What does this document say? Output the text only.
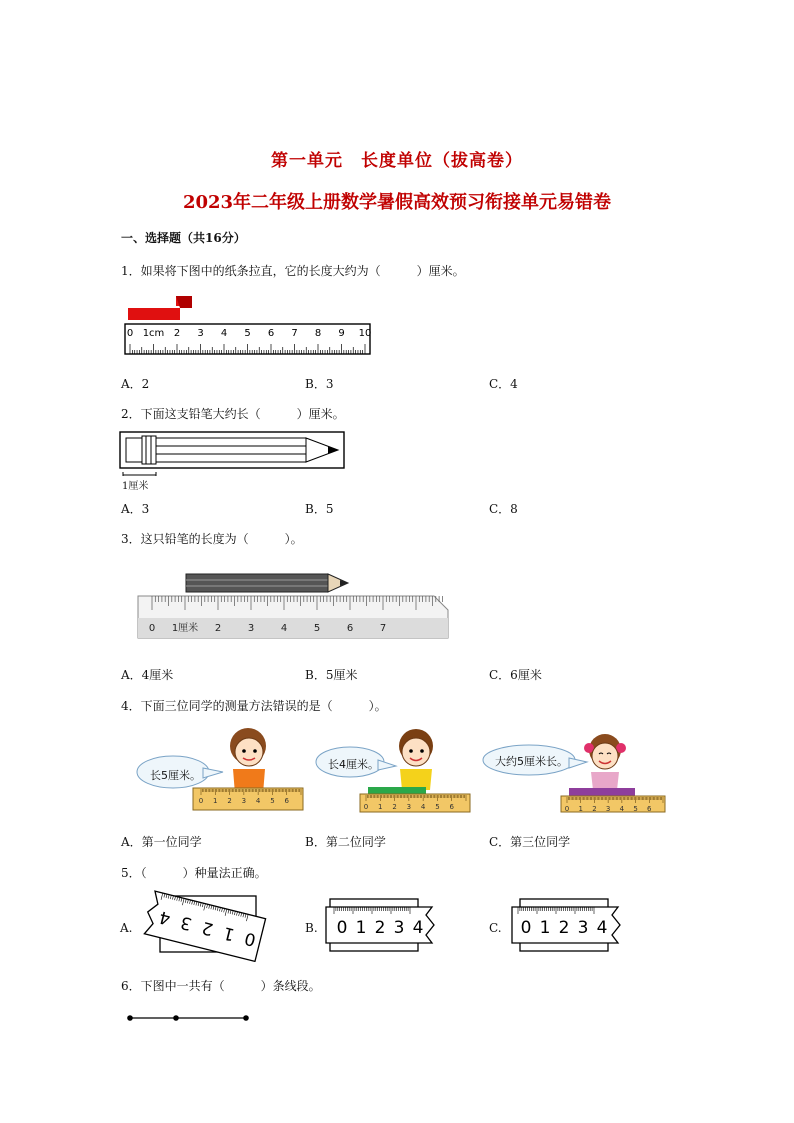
第一单元　长度单位（拔高卷）
2023年二年级上册数学暑假高效预习衔接单元易错卷
一、选择题（共16分）
1．如果将下图中的纸条拉直，它的长度大约为（　　　）厘米。
0 1cm 2 3 4 5 6 7 8 9 10
A．2	B．3	C．4
2．下面这支铅笔大约长（　　　）厘米。
1厘米
A．3	B．5	C．8
3．这只铅笔的长度为（　　　）。
0 1厘米 2	3	4	5	6	7
A．4厘米	B．5厘米	C．6厘米
4．下面三位同学的测量方法错误的是（　　　）。
0 1 2 3 4 5 6
长5厘米。
0 1 2 3 4 5 6
长4厘米。
0 1 2 3 4 5 6
大约5厘米长。
A．第一位同学	B．第二位同学	C．第三位同学
5．（　　　）种量法正确。
A.	B.	C.
4 3 2 1 0	0 1 2 3 4	0 1 2 3 4
6．下图中一共有（　　　）条线段。
